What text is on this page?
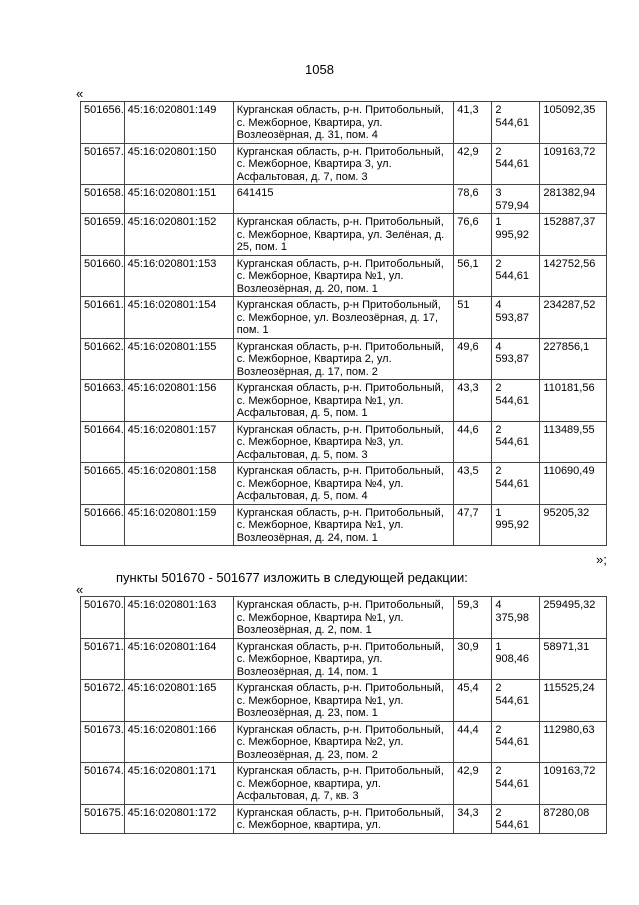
1058
«
501656.	45:16:020801:149	Курганская область, р-н. Притобольный, с. Межборное, Квартира, ул. Возлеозёрная, д. 31, пом. 4	41,3	2 544,61	105092,35
501657.	45:16:020801:150	Курганская область, р-н. Притобольный, с. Межборное, Квартира 3, ул. Асфальтовая, д. 7, пом. 3	42,9	2 544,61	109163,72
501658.	45:16:020801:151	641415	78,6	3 579,94	281382,94
501659.	45:16:020801:152	Курганская область, р-н. Притобольный, с. Межборное, Квартира, ул. Зелёная, д. 25, пом. 1	76,6	1 995,92	152887,37
501660.	45:16:020801:153	Курганская область, р-н. Притобольный, с. Межборное, Квартира №1, ул. Возлеозёрная, д. 20, пом. 1	56,1	2 544,61	142752,56
501661.	45:16:020801:154	Курганская область, р-н Притобольный, с. Межборное, ул. Возлеозёрная, д. 17, пом. 1	51	4 593,87	234287,52
501662.	45:16:020801:155	Курганская область, р-н. Притобольный, с. Межборное, Квартира 2, ул. Возлеозёрная, д. 17, пом. 2	49,6	4 593,87	227856,1
501663.	45:16:020801:156	Курганская область, р-н. Притобольный, с. Межборное, Квартира №1, ул. Асфальтовая, д. 5, пом. 1	43,3	2 544,61	110181,56
501664.	45:16:020801:157	Курганская область, р-н. Притобольный, с. Межборное, Квартира №3, ул. Асфальтовая, д. 5, пом. 3	44,6	2 544,61	113489,55
501665.	45:16:020801:158	Курганская область, р-н. Притобольный, с. Межборное, Квартира №4, ул. Асфальтовая, д. 5, пом. 4	43,5	2 544,61	110690,49
501666.	45:16:020801:159	Курганская область, р-н. Притобольный, с. Межборное, Квартира №1, ул. Возлеозёрная, д. 24, пом. 1	47,7	1 995,92	95205,32
»;
пункты 501670 - 501677 изложить в следующей редакции:
«
501670.	45:16:020801:163	Курганская область, р-н. Притобольный, с. Межборное, Квартира №1, ул. Возлеозёрная, д. 2, пом. 1	59,3	4 375,98	259495,32
501671.	45:16:020801:164	Курганская область, р-н. Притобольный, с. Межборное, Квартира, ул. Возлеозёрная, д. 14, пом. 1	30,9	1 908,46	58971,31
501672.	45:16:020801:165	Курганская область, р-н. Притобольный, с. Межборное, Квартира №1, ул. Возлеозёрная, д. 23, пом. 1	45,4	2 544,61	115525,24
501673.	45:16:020801:166	Курганская область, р-н. Притобольный, с. Межборное, Квартира №2, ул. Возлеозёрная, д. 23, пом. 2	44,4	2 544,61	112980,63
501674.	45:16:020801:171	Курганская область, р-н. Притобольный, с. Межборное, квартира, ул. Асфальтовая, д. 7, кв. 3	42,9	2 544,61	109163,72
501675.	45:16:020801:172	Курганская область, р-н. Притобольный, с. Межборное, квартира, ул.	34,3	2 544,61	87280,08
